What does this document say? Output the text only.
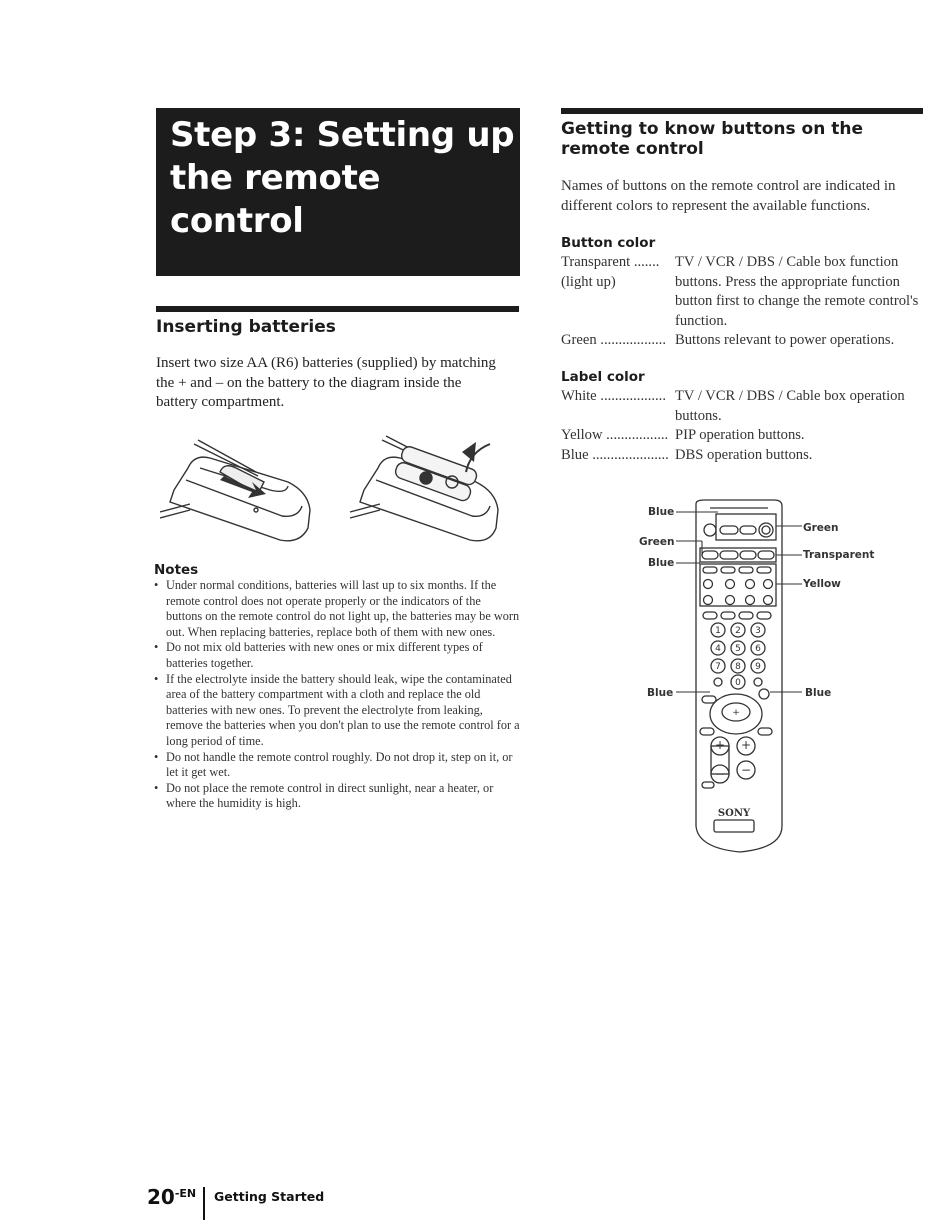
Step 3: Setting up
the remote
control
Inserting batteries
Insert two size AA (R6) batteries (supplied) by matching the + and – on the battery to the diagram inside the battery compartment.
Notes
• Under normal conditions, batteries will last up to six months. If the remote control does not operate properly or the indicators of the buttons on the remote control do not light up, the batteries may be worn out. When replacing batteries, replace both of them with new ones.
• Do not mix old batteries with new ones or mix different types of batteries together.
• If the electrolyte inside the battery should leak, wipe the contaminated area of the battery compartment with a cloth and replace the old batteries with new ones. To prevent the electrolyte from leaking, remove the batteries when you don't plan to use the remote control for a long period of time.
• Do not handle the remote control roughly. Do not drop it, step on it, or let it get wet.
• Do not place the remote control in direct sunlight, near a heater, or where the humidity is high.
Getting to know buttons on the
remote control
Names of buttons on the remote control are indicated in different colors to represent the available functions.
Button color
Transparent .......
(light up)
TV / VCR / DBS / Cable box function buttons. Press the appropriate function button first to change the remote control's function.
Green .................. Buttons relevant to power operations.
Label color
White .................. TV / VCR / DBS / Cable box operation buttons.
Yellow ................. PIP operation buttons.
Blue ..................... DBS operation buttons.
Blue
Green
Blue
Blue
Green
Transparent
Yellow
Blue
1 2 3
4 5 6
7 8 9
0
+ +
− −
+
SONY
$20^{-EN}$ Getting Started
